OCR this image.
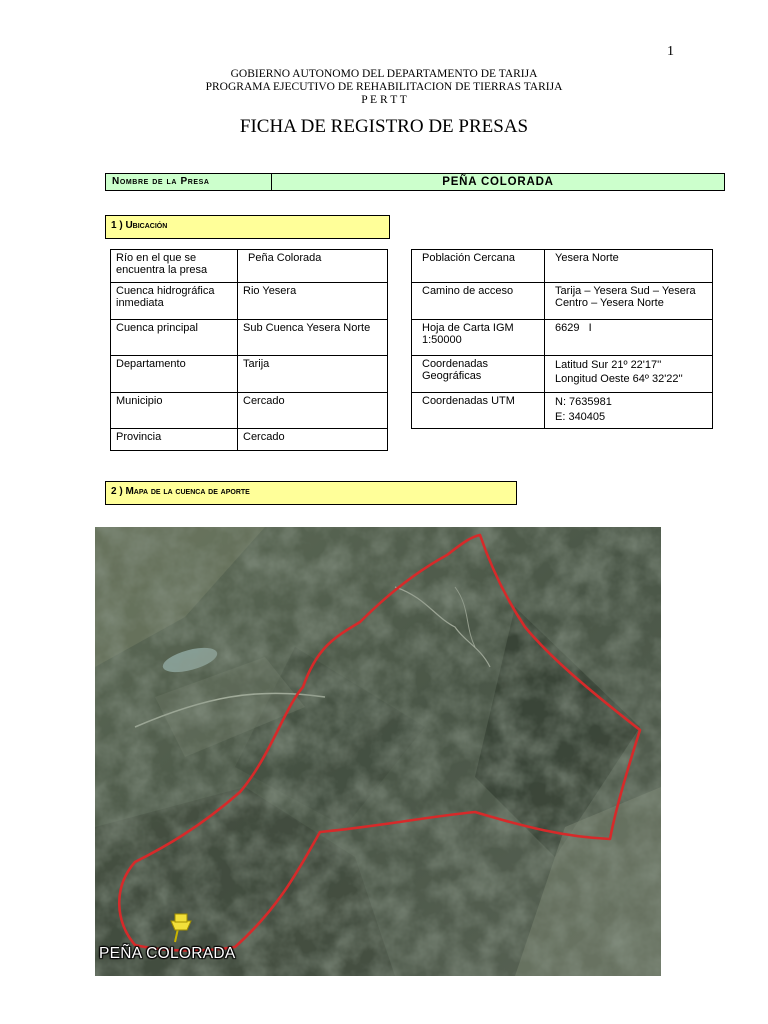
1
GOBIERNO AUTONOMO DEL DEPARTAMENTO DE TARIJA
PROGRAMA EJECUTIVO DE REHABILITACION DE TIERRAS TARIJA
P E R T T
FICHA DE REGISTRO DE PRESAS
Nombre de la Presa	PEÑA COLORADA
1 ) Ubicación
Río en el que se encuentra la presa	Peña Colorada
Cuenca hidrográfica inmediata	Rio Yesera
Cuenca principal	Sub Cuenca Yesera Norte
Departamento	Tarija
Municipio	Cercado
Provincia	Cercado
Población Cercana	Yesera Norte
Camino de acceso	Tarija – Yesera Sud – Yesera Centro – Yesera Norte
Hoja de Carta IGM 1:50000	6629   I
Coordenadas Geográficas	Latitud Sur 21º 22'17''
Longitud Oeste 64º 32'22''

Coordenadas UTM	N: 7635981
E: 340405
2 ) Mapa de la cuenca de aporte
PEÑA COLORADA
